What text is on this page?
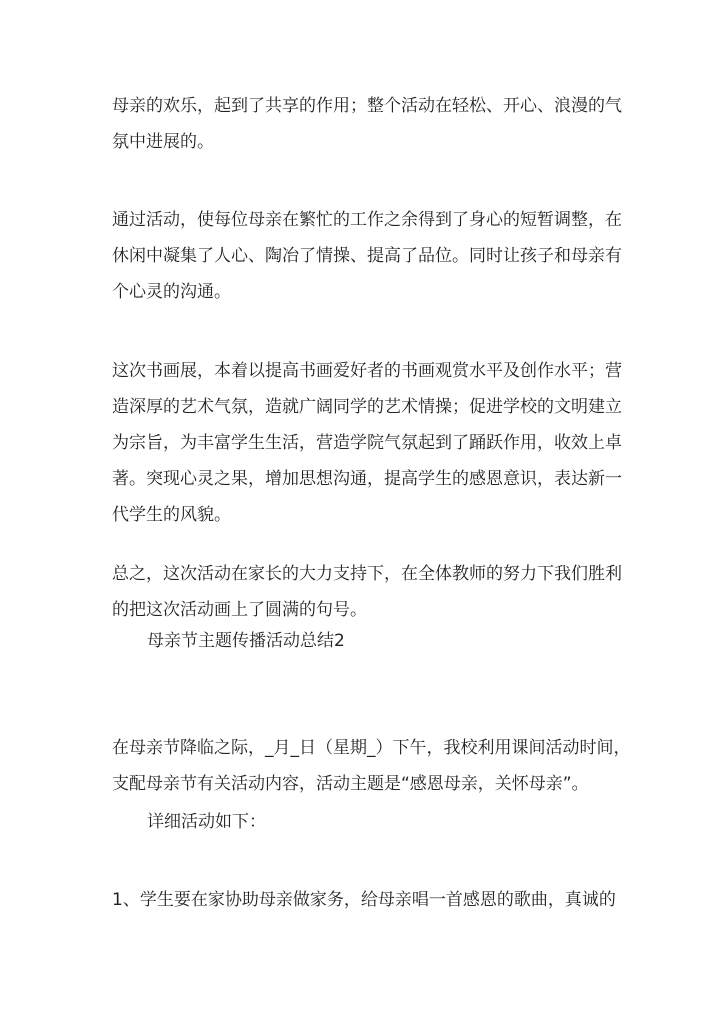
母亲的欢乐，起到了共享的作用；整个活动在轻松、开心、浪漫的气
氛中进展的。
通过活动，使每位母亲在繁忙的工作之余得到了身心的短暂调整，在
休闲中凝集了人心、陶冶了情操、提高了品位。同时让孩子和母亲有
个心灵的沟通。
这次书画展，本着以提高书画爱好者的书画观赏水平及创作水平；营
造深厚的艺术气氛，造就广阔同学的艺术情操；促进学校的文明建立
为宗旨，为丰富学生生活，营造学院气氛起到了踊跃作用，收效上卓
著。突现心灵之果，增加思想沟通，提高学生的感恩意识，表达新一
代学生的风貌。
总之，这次活动在家长的大力支持下，在全体教师的努力下我们胜利
的把这次活动画上了圆满的句号。
母亲节主题传播活动总结2
在母亲节降临之际，_月_日（星期_）下午，我校利用课间活动时间，
支配母亲节有关活动内容，活动主题是“感恩母亲，关怀母亲”。
详细活动如下：
1、学生要在家协助母亲做家务，给母亲唱一首感恩的歌曲，真诚的
